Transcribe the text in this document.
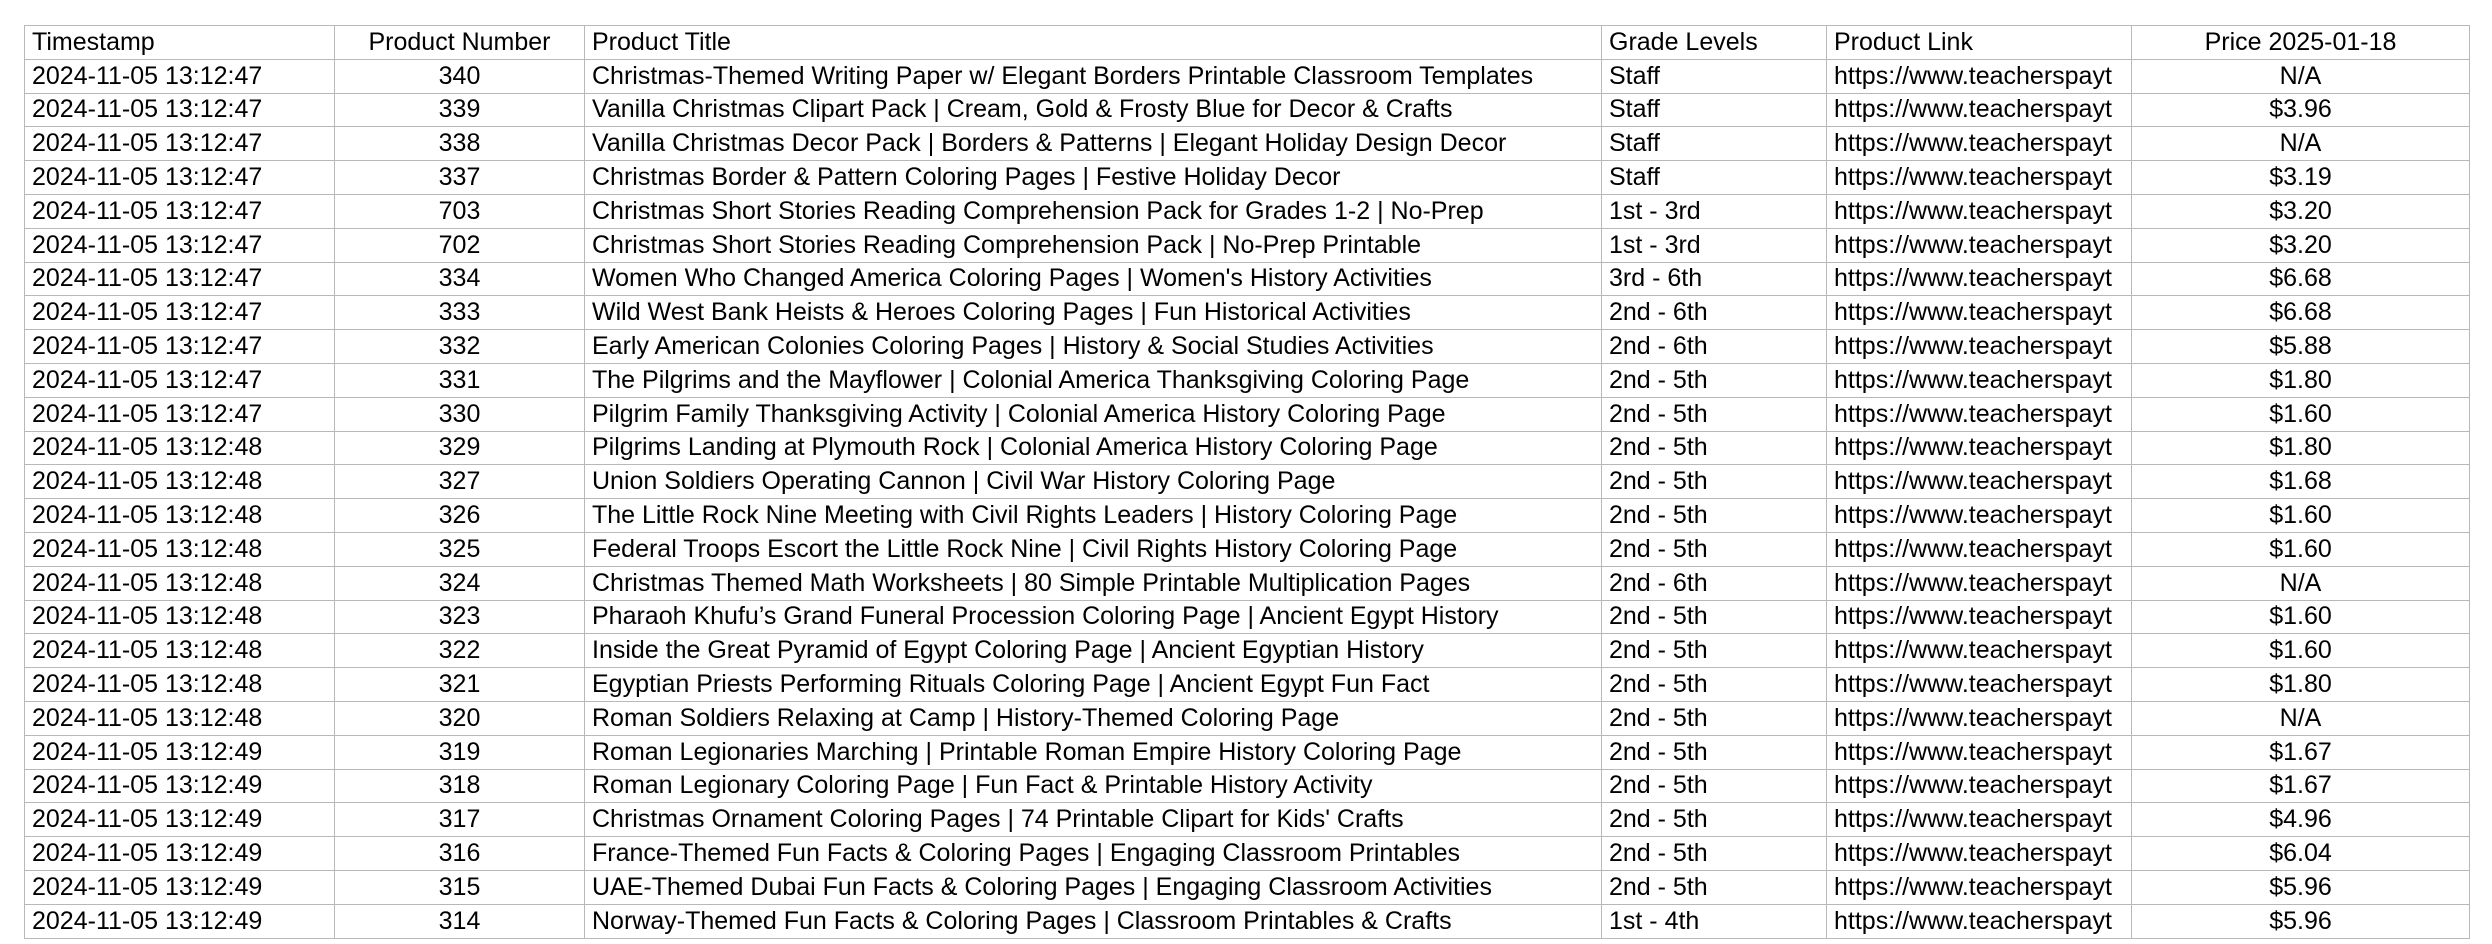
Timestamp	Product Number	Product Title	Grade Levels	Product Link	Price 2025-01-18
2024-11-05 13:12:47	340	Christmas-Themed Writing Paper w/ Elegant Borders Printable Classroom Templates	Staff	https://www.teacherspayt	N/A
2024-11-05 13:12:47	339	Vanilla Christmas Clipart Pack | Cream, Gold & Frosty Blue for Decor & Crafts	Staff	https://www.teacherspayt	$3.96
2024-11-05 13:12:47	338	Vanilla Christmas Decor Pack | Borders & Patterns | Elegant Holiday Design Decor	Staff	https://www.teacherspayt	N/A
2024-11-05 13:12:47	337	Christmas Border & Pattern Coloring Pages | Festive Holiday Decor	Staff	https://www.teacherspayt	$3.19
2024-11-05 13:12:47	703	Christmas Short Stories Reading Comprehension Pack for Grades 1-2 | No-Prep	1st - 3rd	https://www.teacherspayt	$3.20
2024-11-05 13:12:47	702	Christmas Short Stories Reading Comprehension Pack | No-Prep Printable	1st - 3rd	https://www.teacherspayt	$3.20
2024-11-05 13:12:47	334	Women Who Changed America Coloring Pages | Women's History Activities	3rd - 6th	https://www.teacherspayt	$6.68
2024-11-05 13:12:47	333	Wild West Bank Heists & Heroes Coloring Pages | Fun Historical Activities	2nd - 6th	https://www.teacherspayt	$6.68
2024-11-05 13:12:47	332	Early American Colonies Coloring Pages | History & Social Studies Activities	2nd - 6th	https://www.teacherspayt	$5.88
2024-11-05 13:12:47	331	The Pilgrims and the Mayflower | Colonial America Thanksgiving Coloring Page	2nd - 5th	https://www.teacherspayt	$1.80
2024-11-05 13:12:47	330	Pilgrim Family Thanksgiving Activity | Colonial America History Coloring Page	2nd - 5th	https://www.teacherspayt	$1.60
2024-11-05 13:12:48	329	Pilgrims Landing at Plymouth Rock | Colonial America History Coloring Page	2nd - 5th	https://www.teacherspayt	$1.80
2024-11-05 13:12:48	327	Union Soldiers Operating Cannon | Civil War History Coloring Page	2nd - 5th	https://www.teacherspayt	$1.68
2024-11-05 13:12:48	326	The Little Rock Nine Meeting with Civil Rights Leaders | History Coloring Page	2nd - 5th	https://www.teacherspayt	$1.60
2024-11-05 13:12:48	325	Federal Troops Escort the Little Rock Nine | Civil Rights History Coloring Page	2nd - 5th	https://www.teacherspayt	$1.60
2024-11-05 13:12:48	324	Christmas Themed Math Worksheets | 80 Simple Printable Multiplication Pages	2nd - 6th	https://www.teacherspayt	N/A
2024-11-05 13:12:48	323	Pharaoh Khufu’s Grand Funeral Procession Coloring Page | Ancient Egypt History	2nd - 5th	https://www.teacherspayt	$1.60
2024-11-05 13:12:48	322	Inside the Great Pyramid of Egypt Coloring Page | Ancient Egyptian History	2nd - 5th	https://www.teacherspayt	$1.60
2024-11-05 13:12:48	321	Egyptian Priests Performing Rituals Coloring Page | Ancient Egypt Fun Fact	2nd - 5th	https://www.teacherspayt	$1.80
2024-11-05 13:12:48	320	Roman Soldiers Relaxing at Camp | History-Themed Coloring Page	2nd - 5th	https://www.teacherspayt	N/A
2024-11-05 13:12:49	319	Roman Legionaries Marching | Printable Roman Empire History Coloring Page	2nd - 5th	https://www.teacherspayt	$1.67
2024-11-05 13:12:49	318	Roman Legionary Coloring Page | Fun Fact & Printable History Activity	2nd - 5th	https://www.teacherspayt	$1.67
2024-11-05 13:12:49	317	Christmas Ornament Coloring Pages | 74 Printable Clipart for Kids' Crafts	2nd - 5th	https://www.teacherspayt	$4.96
2024-11-05 13:12:49	316	France-Themed Fun Facts & Coloring Pages | Engaging Classroom Printables	2nd - 5th	https://www.teacherspayt	$6.04
2024-11-05 13:12:49	315	UAE-Themed Dubai Fun Facts & Coloring Pages | Engaging Classroom Activities	2nd - 5th	https://www.teacherspayt	$5.96
2024-11-05 13:12:49	314	Norway-Themed Fun Facts & Coloring Pages | Classroom Printables & Crafts	1st - 4th	https://www.teacherspayt	$5.96
